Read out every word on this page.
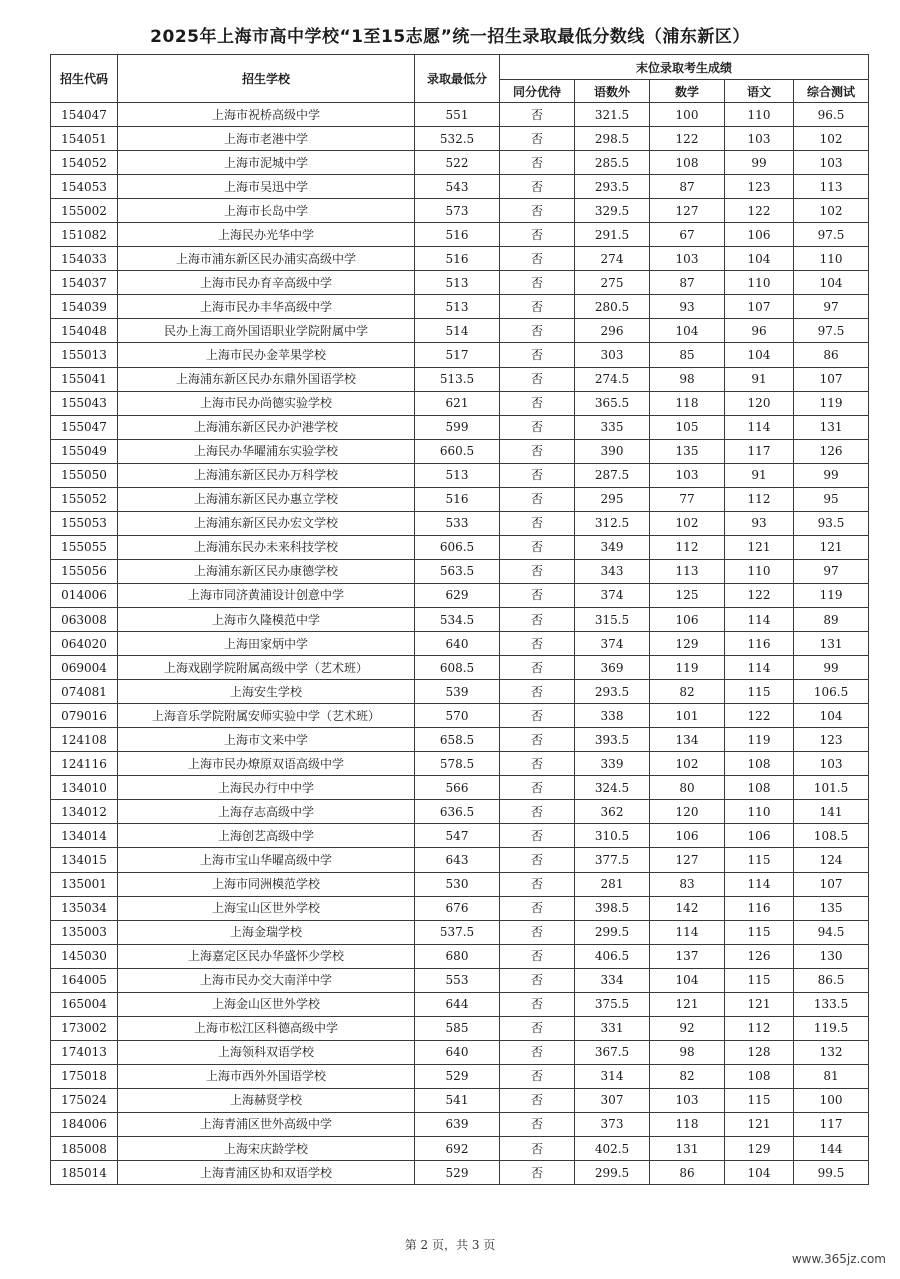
2025年上海市高中学校“1至15志愿”统一招生录取最低分数线（浦东新区）
招生代码	招生学校	录取最低分	末位录取考生成绩				
			同分优待	语数外	数学	语文	综合测试
154047	上海市祝桥高级中学	551	否	321.5	100	110	96.5
154051	上海市老港中学	532.5	否	298.5	122	103	102
154052	上海市泥城中学	522	否	285.5	108	99	103
154053	上海市吴迅中学	543	否	293.5	87	123	113
155002	上海市长岛中学	573	否	329.5	127	122	102
151082	上海民办光华中学	516	否	291.5	67	106	97.5
154033	上海市浦东新区民办浦实高级中学	516	否	274	103	104	110
154037	上海市民办育辛高级中学	513	否	275	87	110	104
154039	上海市民办丰华高级中学	513	否	280.5	93	107	97
154048	民办上海工商外国语职业学院附属中学	514	否	296	104	96	97.5
155013	上海市民办金苹果学校	517	否	303	85	104	86
155041	上海浦东新区民办东鼎外国语学校	513.5	否	274.5	98	91	107
155043	上海市民办尚德实验学校	621	否	365.5	118	120	119
155047	上海浦东新区民办沪港学校	599	否	335	105	114	131
155049	上海民办华曜浦东实验学校	660.5	否	390	135	117	126
155050	上海浦东新区民办万科学校	513	否	287.5	103	91	99
155052	上海浦东新区民办惠立学校	516	否	295	77	112	95
155053	上海浦东新区民办宏文学校	533	否	312.5	102	93	93.5
155055	上海浦东民办未来科技学校	606.5	否	349	112	121	121
155056	上海浦东新区民办康德学校	563.5	否	343	113	110	97
014006	上海市同济黄浦设计创意中学	629	否	374	125	122	119
063008	上海市久隆模范中学	534.5	否	315.5	106	114	89
064020	上海田家炳中学	640	否	374	129	116	131
069004	上海戏剧学院附属高级中学（艺术班）	608.5	否	369	119	114	99
074081	上海安生学校	539	否	293.5	82	115	106.5
079016	上海音乐学院附属安师实验中学（艺术班）	570	否	338	101	122	104
124108	上海市文来中学	658.5	否	393.5	134	119	123
124116	上海市民办燎原双语高级中学	578.5	否	339	102	108	103
134010	上海民办行中中学	566	否	324.5	80	108	101.5
134012	上海存志高级中学	636.5	否	362	120	110	141
134014	上海创艺高级中学	547	否	310.5	106	106	108.5
134015	上海市宝山华曜高级中学	643	否	377.5	127	115	124
135001	上海市同洲模范学校	530	否	281	83	114	107
135034	上海宝山区世外学校	676	否	398.5	142	116	135
135003	上海金瑞学校	537.5	否	299.5	114	115	94.5
145030	上海嘉定区民办华盛怀少学校	680	否	406.5	137	126	130
164005	上海市民办交大南洋中学	553	否	334	104	115	86.5
165004	上海金山区世外学校	644	否	375.5	121	121	133.5
173002	上海市松江区科德高级中学	585	否	331	92	112	119.5
174013	上海领科双语学校	640	否	367.5	98	128	132
175018	上海市西外外国语学校	529	否	314	82	108	81
175024	上海赫贤学校	541	否	307	103	115	100
184006	上海青浦区世外高级中学	639	否	373	118	121	117
185008	上海宋庆龄学校	692	否	402.5	131	129	144
185014	上海青浦区协和双语学校	529	否	299.5	86	104	99.5
第 2 页，共 3 页
www.365jz.com
